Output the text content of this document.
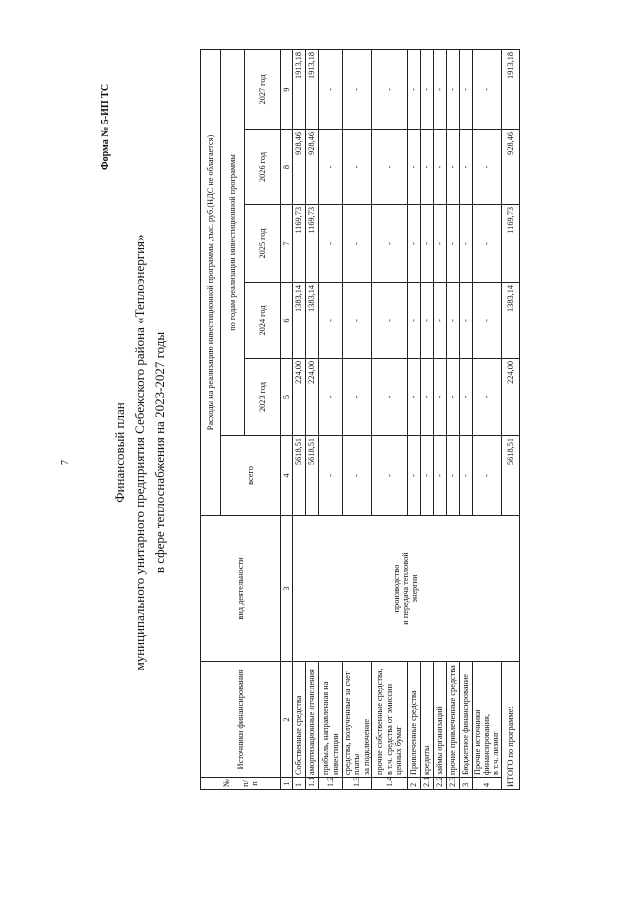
7
Форма № 5-ИП ТС
Финансовый план муниципального унитарного предприятия Себежского района «Теплоэнергия» в сфере теплоснабжения на 2023-2027 годы
№ п/п	Источники финансирования	вид деятельности	Расходы на реализацию инвестиционной программы ,тыс. руб.(НДС не облагается)					
			всего	по годам реализации инвестиционной программы				
				2023 год	2024 год	2025 год	2026 год	2027 год
1	2	3	4	5	6	7	8	9
1	Собственные средства	производство
и передача тепловой
энергии	5618,51	224,00	1383,14	1169,73	928,46	1913,18
1.1	амортизационные отчисления		5618,51	224,00	1383,14	1169,73	928,46	1913,18
1.2	прибыль, направленная на
инвестиции		-	-	-	-	-	-
1.3	средства, полученные за счет платы
за подключение		-	-	-	-	-	-
1.4	прочие собственные средства,
в т.ч. средства от эмиссии ценных бумаг		-	-	-	-	-	-
2	Привлеченные средства		-	-	-	-	-	-
2.1	кредиты		-	-	-	-	-	-
2.2	займы организаций		-	-	-	-	-	-
2.3	прочие привлеченные средства		-	-	-	-	-	-
3	Бюджетное финансирование		-	-	-	-	-	-
4	Прочие источники финансирования,
в т.ч. лизинг		-	-	-	-	-	-
ИТОГО по программе:			5618,51	224,00	1383,14	1169,73	928,46	1913,18
